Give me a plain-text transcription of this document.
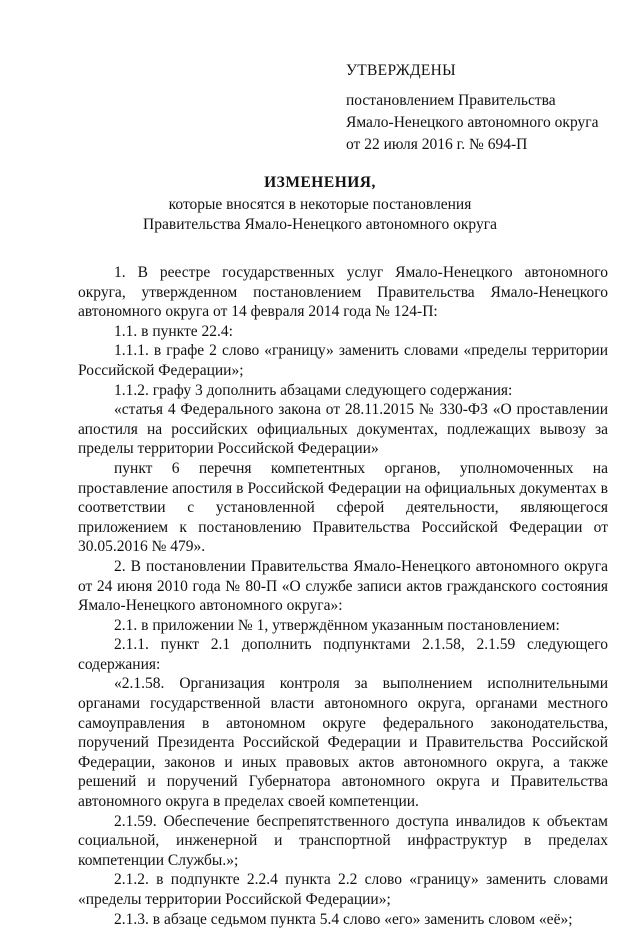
УТВЕРЖДЕНЫ
постановлением Правительства
Ямало-Ненецкого автономного округа
от 22 июля 2016 г. № 694-П
ИЗМЕНЕНИЯ,
которые вносятся в некоторые постановления
Правительства Ямало-Ненецкого автономного округа

1. В реестре государственных услуг Ямало-Ненецкого автономного округа, утвержденном постановлением Правительства Ямало-Ненецкого автономного округа от 14 февраля 2014 года № 124-П:

1.1. в пункте 22.4:

1.1.1. в графе 2 слово «границу» заменить словами «пределы территории Российской Федерации»;

1.1.2. графу 3 дополнить абзацами следующего содержания:

«статья 4 Федерального закона от 28.11.2015 № 330-ФЗ «О проставлении апостиля на российских официальных документах, подлежащих вывозу за пределы территории Российской Федерации»

пункт 6 перечня компетентных органов, уполномоченных на проставление апостиля в Российской Федерации на официальных документах в соответствии с установленной сферой деятельности, являющегося приложением к постановлению Правительства Российской Федерации от 30.05.2016 № 479».

2. В постановлении Правительства Ямало-Ненецкого автономного округа от 24 июня 2010 года № 80-П «О службе записи актов гражданского состояния Ямало-Ненецкого автономного округа»:

2.1. в приложении № 1, утверждённом указанным постановлением:

2.1.1. пункт 2.1 дополнить подпунктами 2.1.58, 2.1.59 следующего содержания:

«2.1.58. Организация контроля за выполнением исполнительными органами государственной власти автономного округа, органами местного самоуправления в автономном округе федерального законодательства, поручений Президента Российской Федерации и Правительства Российской Федерации, законов и иных правовых актов автономного округа, а также решений и поручений Губернатора автономного округа и Правительства автономного округа в пределах своей компетенции.

2.1.59. Обеспечение беспрепятственного доступа инвалидов к объектам социальной, инженерной и транспортной инфраструктур в пределах компетенции Службы.»;

2.1.2. в подпункте 2.2.4 пункта 2.2 слово «границу» заменить словами «пределы территории Российской Федерации»;

2.1.3. в абзаце седьмом пункта 5.4 слово «его» заменить словом «её»;
